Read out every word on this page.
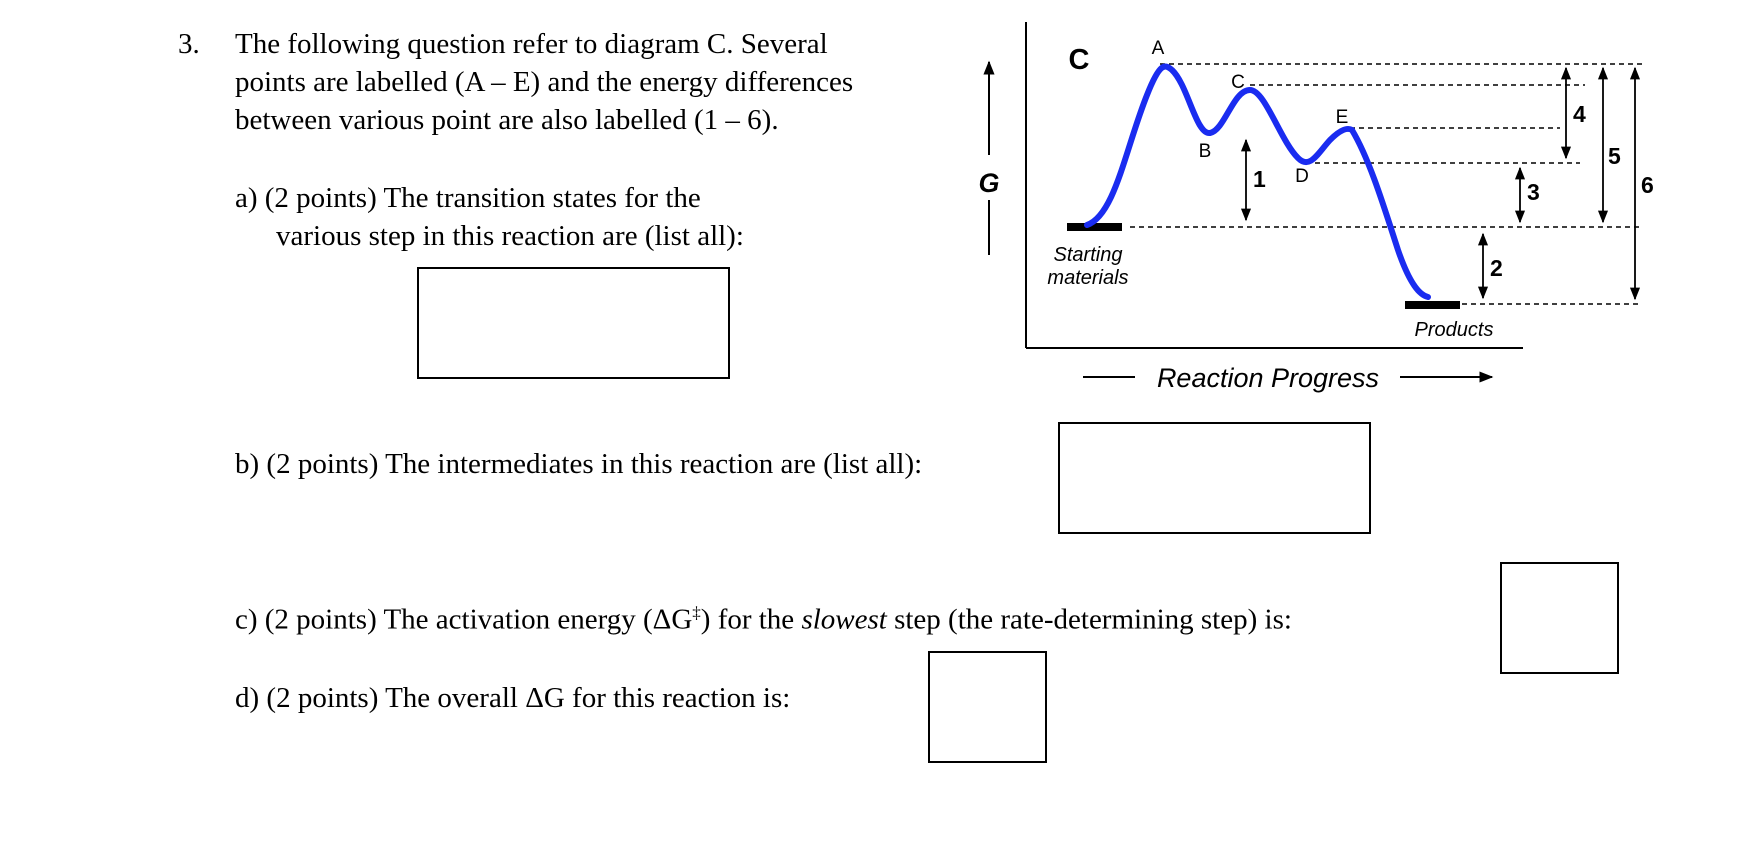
3. The following question refer to diagram C. Several
points are labelled (A – E) and the energy differences
between various point are also labelled (1 – 6).
a) (2 points) The transition states for the
various step in this reaction are (list all):
b) (2 points) The intermediates in this reaction are (list all):
c) (2 points) The activation energy (ΔG‡) for the slowest step (the rate-determining step) is:
d) (2 points) The overall ΔG for this reaction is:
G
C	A
B
C
D
E
1
2
3
4
5
6
Starting
materials
Products
Reaction Progress
